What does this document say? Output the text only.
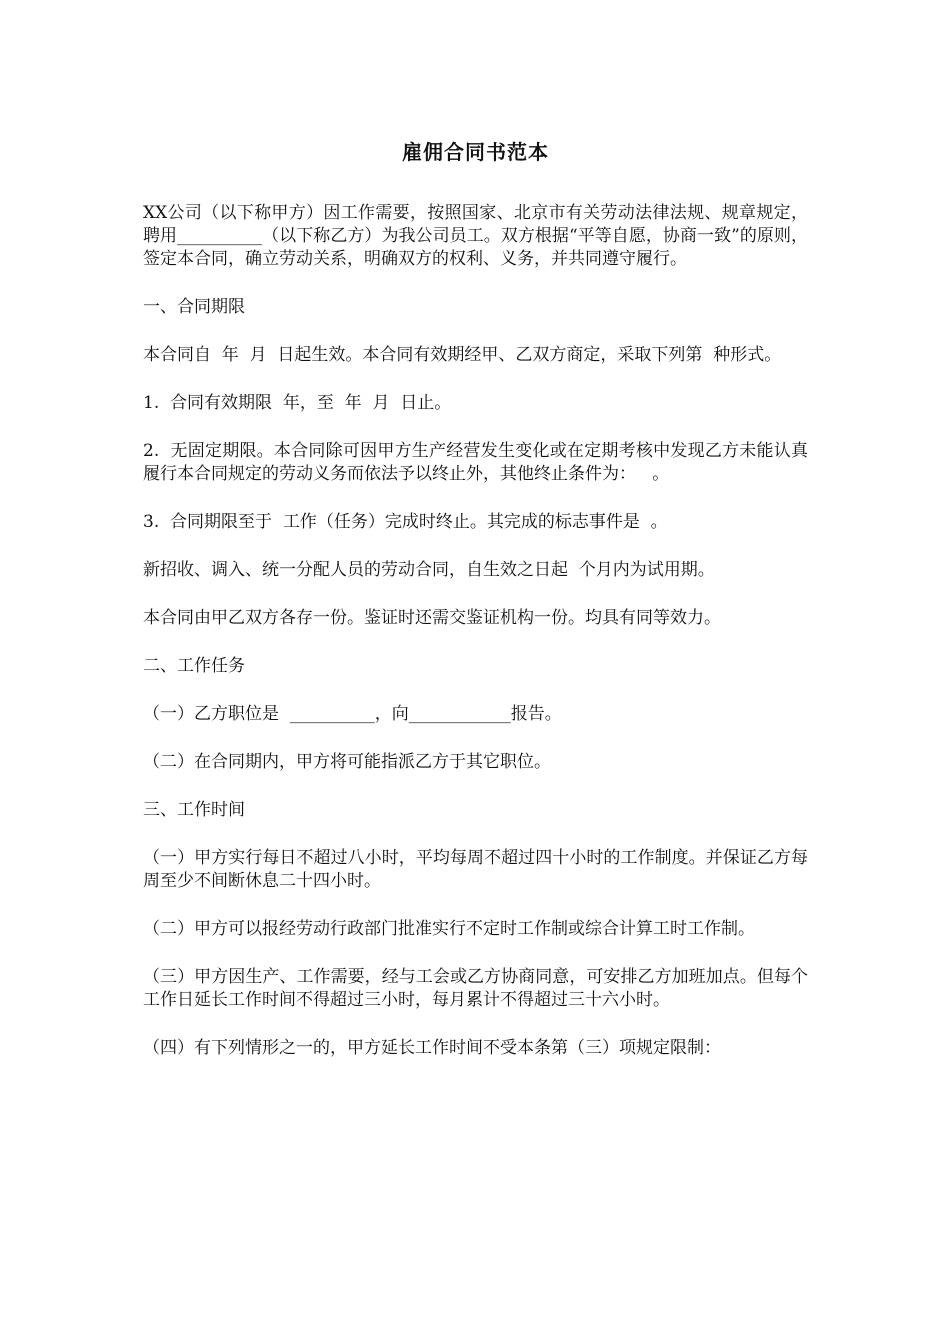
雇佣合同书范本
XX公司（以下称甲方）因工作需要，按照国家、北京市有关劳动法律法规、规章规定，聘用__________（以下称乙方）为我公司员工。双方根据“平等自愿，协商一致”的原则，签定本合同，确立劳动关系，明确双方的权利、义务，并共同遵守履行。
一、合同期限
本合同自  年  月  日起生效。本合同有效期经甲、乙双方商定，采取下列第  种形式。
1.  合同有效期限  年，至  年  月  日止。
2.  无固定期限。本合同除可因甲方生产经营发生变化或在定期考核中发现乙方未能认真履行本合同规定的劳动义务而依法予以终止外，其他终止条件为：   。
3.  合同期限至于  工作（任务）完成时终止。其完成的标志事件是  。
新招收、调入、统一分配人员的劳动合同，自生效之日起  个月内为试用期。
本合同由甲乙双方各存一份。鉴证时还需交鉴证机构一份。均具有同等效力。
二、工作任务
（一）乙方职位是  __________，向____________报告。
（二）在合同期内，甲方将可能指派乙方于其它职位。
三、工作时间
（一）甲方实行每日不超过八小时，平均每周不超过四十小时的工作制度。并保证乙方每周至少不间断休息二十四小时。
（二）甲方可以报经劳动行政部门批准实行不定时工作制或综合计算工时工作制。
（三）甲方因生产、工作需要，经与工会或乙方协商同意，可安排乙方加班加点。但每个工作日延长工作时间不得超过三小时，每月累计不得超过三十六小时。
（四）有下列情形之一的，甲方延长工作时间不受本条第（三）项规定限制：
